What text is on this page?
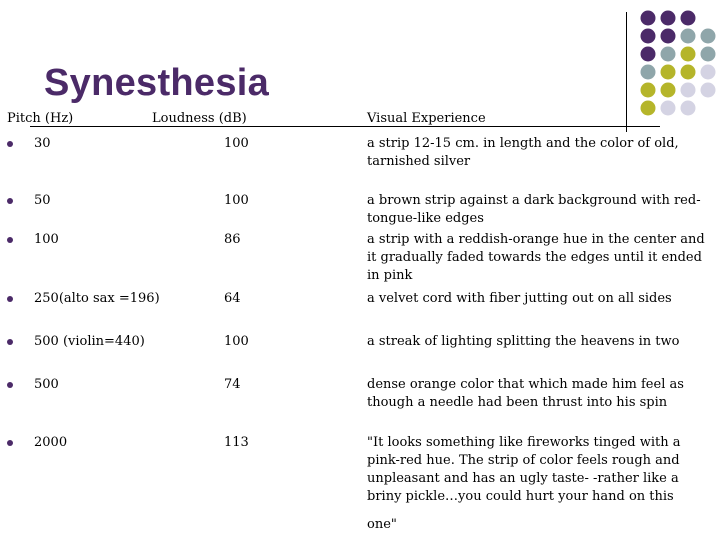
Synesthesia
Pitch (Hz)	Loudness (dB)	Visual Experience
30	100	a strip 12-15 cm. in length and the color of old, tarnished silver
50	100	a brown strip against a dark background with red-tongue-like edges
100	86	a strip with a reddish-orange hue in the center and it gradually faded towards the edges until it ended in pink
250(alto sax =196)	64	a velvet cord with fiber jutting out on all sides
500 (violin=440)	100	a streak of lighting splitting the heavens in two
500	74	dense orange color that which made him feel as though a needle had been thrust into his spin
2000	113	"It looks something like fireworks tinged with a pink-red hue. The strip of color feels rough and unpleasant and has an ugly taste- -rather like a briny pickle…you could hurt your hand on this
one"
